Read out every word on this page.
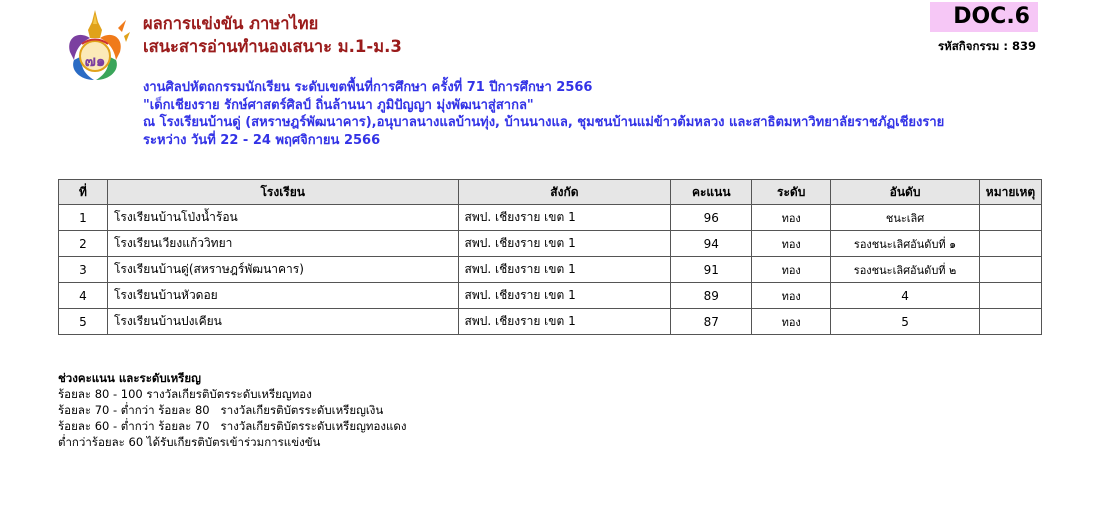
๗๑
ผลการแข่งขัน ภาษาไทย
เสนะสารอ่านทำนองเสนาะ ม.1-ม.3
DOC.6
รหัสกิจกรรม : 839
งานศิลปหัตถกรรมนักเรียน ระดับเขตพื้นที่การศึกษา ครั้งที่ 71 ปีการศึกษา 2566
"เด็กเชียงราย รักษ์ศาสตร์ศิลป์ ถิ่นล้านนา ภูมิปัญญา มุ่งพัฒนาสู่สากล"
ณ โรงเรียนบ้านดู่ (สหราษฎร์พัฒนาคาร),อนุบาลนางแลบ้านทุ่ง, บ้านนางแล, ชุมชนบ้านแม่ข้าวต้มหลวง และสาธิตมหาวิทยาลัยราชภัฏเชียงราย
ระหว่าง วันที่ 22 - 24 พฤศจิกายน 2566
ที่	โรงเรียน	สังกัด	คะแนน	ระดับ	อันดับ	หมายเหตุ
1	โรงเรียนบ้านโป่งน้ำร้อน	สพป. เชียงราย เขต 1	96	ทอง	ชนะเลิศ	
2	โรงเรียนเวียงแก้ววิทยา	สพป. เชียงราย เขต 1	94	ทอง	รองชนะเลิศอันดับที่ ๑	
3	โรงเรียนบ้านดู่(สหราษฎร์พัฒนาคาร)	สพป. เชียงราย เขต 1	91	ทอง	รองชนะเลิศอันดับที่ ๒	
4	โรงเรียนบ้านหัวดอย	สพป. เชียงราย เขต 1	89	ทอง	4	
5	โรงเรียนบ้านปงเคียน	สพป. เชียงราย เขต 1	87	ทอง	5	
ช่วงคะแนน และระดับเหรียญ
ร้อยละ 80 - 100 รางวัลเกียรติบัตรระดับเหรียญทอง
ร้อยละ 70 - ต่ำกว่า ร้อยละ 80   รางวัลเกียรติบัตรระดับเหรียญเงิน
ร้อยละ 60 - ต่ำกว่า ร้อยละ 70   รางวัลเกียรติบัตรระดับเหรียญทองแดง
ต่ำกว่าร้อยละ 60 ได้รับเกียรติบัตรเข้าร่วมการแข่งขัน
